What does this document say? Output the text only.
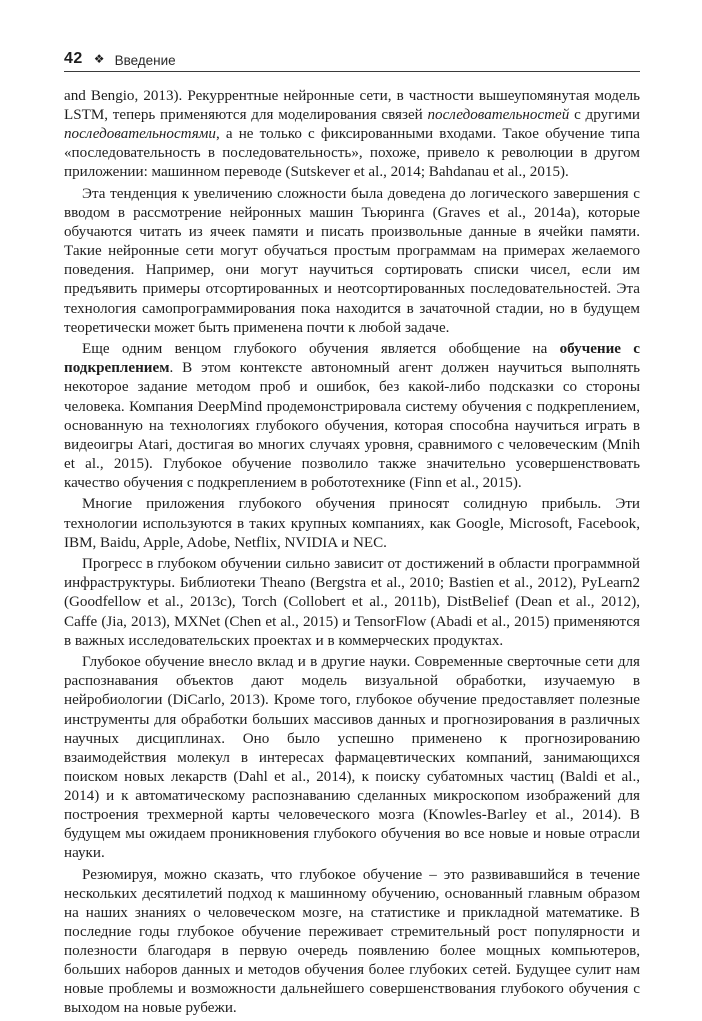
42 ❖ Введение

and Bengio, 2013). Рекуррентные нейронные сети, в частности вышеупомянутая модель LSTM, теперь применяются для моделирования связей последовательностей с другими последовательностями, а не только с фиксированными входами. Такое обучение типа «последовательность в последовательность», похоже, привело к революции в другом приложении: машинном переводе (Sutskever et al., 2014; Bahdanau et al., 2015).

Эта тенденция к увеличению сложности была доведена до логического завершения с вводом в рассмотрение нейронных машин Тьюринга (Graves et al., 2014a), которые обучаются читать из ячеек памяти и писать произвольные данные в ячейки памяти. Такие нейронные сети могут обучаться простым программам на примерах желаемого поведения. Например, они могут научиться сортировать списки чисел, если им предъявить примеры отсортированных и неотсортированных последовательностей. Эта технология самопрограммирования пока находится в зачаточной стадии, но в будущем теоретически может быть применена почти к любой задаче.

Еще одним венцом глубокого обучения является обобщение на обучение с подкреплением. В этом контексте автономный агент должен научиться выполнять некоторое задание методом проб и ошибок, без какой-либо подсказки со стороны человека. Компания DeepMind продемонстрировала систему обучения с подкреплением, основанную на технологиях глубокого обучения, которая способна научиться играть в видеоигры Atari, достигая во многих случаях уровня, сравнимого с человеческим (Mnih et al., 2015). Глубокое обучение позволило также значительно усовершенствовать качество обучения с подкреплением в робототехнике (Finn et al., 2015).

Многие приложения глубокого обучения приносят солидную прибыль. Эти технологии используются в таких крупных компаниях, как Google, Microsoft, Facebook, IBM, Baidu, Apple, Adobe, Netflix, NVIDIA и NEC.

Прогресс в глубоком обучении сильно зависит от достижений в области программной инфраструктуры. Библиотеки Theano (Bergstra et al., 2010; Bastien et al., 2012), PyLearn2 (Goodfellow et al., 2013c), Torch (Collobert et al., 2011b), DistBelief (Dean et al., 2012), Caffe (Jia, 2013), MXNet (Chen et al., 2015) и TensorFlow (Abadi et al., 2015) применяются в важных исследовательских проектах и в коммерческих продуктах.

Глубокое обучение внесло вклад и в другие науки. Современные сверточные сети для распознавания объектов дают модель визуальной обработки, изучаемую в нейробиологии (DiCarlo, 2013). Кроме того, глубокое обучение предоставляет полезные инструменты для обработки больших массивов данных и прогнозирования в различных научных дисциплинах. Оно было успешно применено к прогнозированию взаимодействия молекул в интересах фармацевтических компаний, занимающихся поиском новых лекарств (Dahl et al., 2014), к поиску субатомных частиц (Baldi et al., 2014) и к автоматическому распознаванию сделанных микроскопом изображений для построения трехмерной карты человеческого мозга (Knowles-Barley et al., 2014). В будущем мы ожидаем проникновения глубокого обучения во все новые и новые отрасли науки.

Резюмируя, можно сказать, что глубокое обучение – это развивавшийся в течение нескольких десятилетий подход к машинному обучению, основанный главным образом на наших знаниях о человеческом мозге, на статистике и прикладной математике. В последние годы глубокое обучение переживает стремительный рост популярности и полезности благодаря в первую очередь появлению более мощных компьютеров, больших наборов данных и методов обучения более глубоких сетей. Будущее сулит нам новые проблемы и возможности дальнейшего совершенствования глубокого обучения с выходом на новые рубежи.
